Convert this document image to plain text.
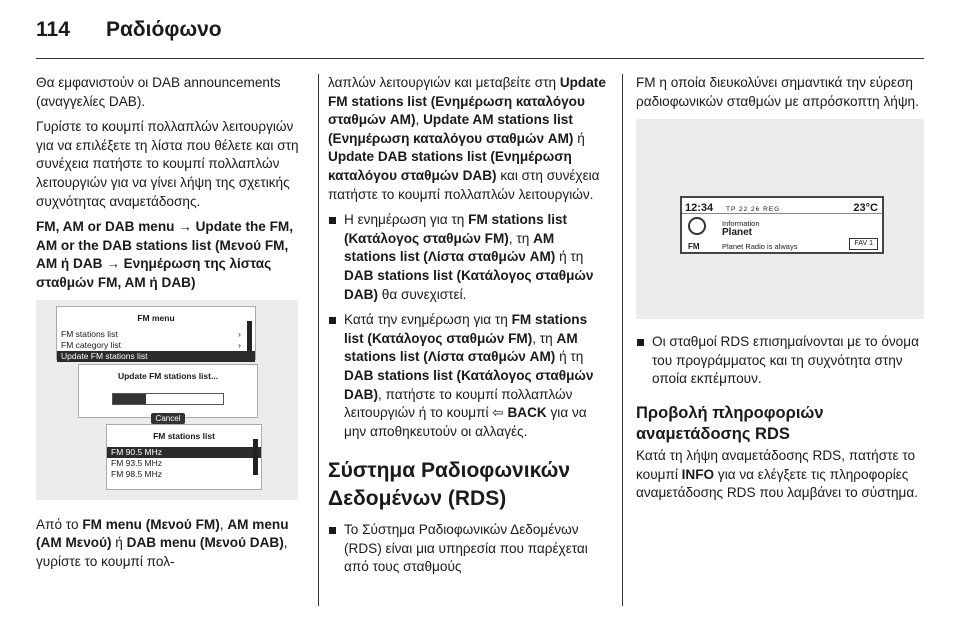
114 Ραδιόφωνο

Θα εμφανιστούν οι DAB announcements (αναγγελίες DAB).

Γυρίστε το κουμπί πολλαπλών λειτουργιών για να επιλέξετε τη λίστα που θέλετε και στη συνέχεια πατήστε το κουμπί πολλαπλών λειτουργιών για να γίνει λήψη της σχετικής συχνότητας αναμετάδοσης.

FM, AM or DAB menu → Update the FM, AM or the DAB stations list (Μενού FM, AM ή DAB → Ενημέρωση της λίστας σταθμών FM, AM ή DAB)

FM menu
FM stations list	›
FM category list	›
Update FM stations list
Update FM stations list...
Cancel
FM stations list
FM 90.5 MHz
FM 93.5 MHz
FM 98.5 MHz

Από το FM menu (Μενού FM), AM menu (AM Μενού) ή DAB menu (Μενού DAB), γυρίστε το κουμπί πολ-

λαπλών λειτουργιών και μεταβείτε στη Update FM stations list (Ενημέρωση καταλόγου σταθμών AM), Update AM stations list (Ενημέρωση καταλόγου σταθμών AM) ή Update DAB stations list (Ενημέρωση καταλόγου σταθμών DAB) και στη συνέχεια πατήστε το κουμπί πολλαπλών λειτουργιών.

Η ενημέρωση για τη FM stations list (Κατάλογος σταθμών FM), τη AM stations list (Λίστα σταθμών AM) ή τη DAB stations list (Κατάλογος σταθμών DAB) θα συνεχιστεί.
Κατά την ενημέρωση για τη FM stations list (Κατάλογος σταθμών FM), τη AM stations list (Λίστα σταθμών AM) ή τη DAB stations list (Κατάλογος σταθμών DAB), πατήστε το κουμπί πολλαπλών λειτουργιών ή το κουμπί ⇦ BACK για να μην αποθηκευτούν οι αλλαγές.
Σύστημα Ραδιοφωνικών Δεδομένων (RDS)
Το Σύστημα Ραδιοφωνικών Δεδομένων (RDS) είναι μια υπηρεσία που παρέχεται από τους σταθμούς

FM η οποία διευκολύνει σημαντικά την εύρεση ραδιοφωνικών σταθμών με απρόσκοπτη λήψη.

12:34 TP 22 26 REG	23°C
FM
Information
Planet
Planet Radio is always	FAV 1
Οι σταθμοί RDS επισημαίνονται με το όνομα του προγράμματος και τη συχνότητα στην οποία εκπέμπουν.
Προβολή πληροφοριών αναμετάδοσης RDS

Κατά τη λήψη αναμετάδοσης RDS, πατήστε το κουμπί INFO για να ελέγξετε τις πληροφορίες αναμετάδοσης RDS που λαμβάνει το σύστημα.
